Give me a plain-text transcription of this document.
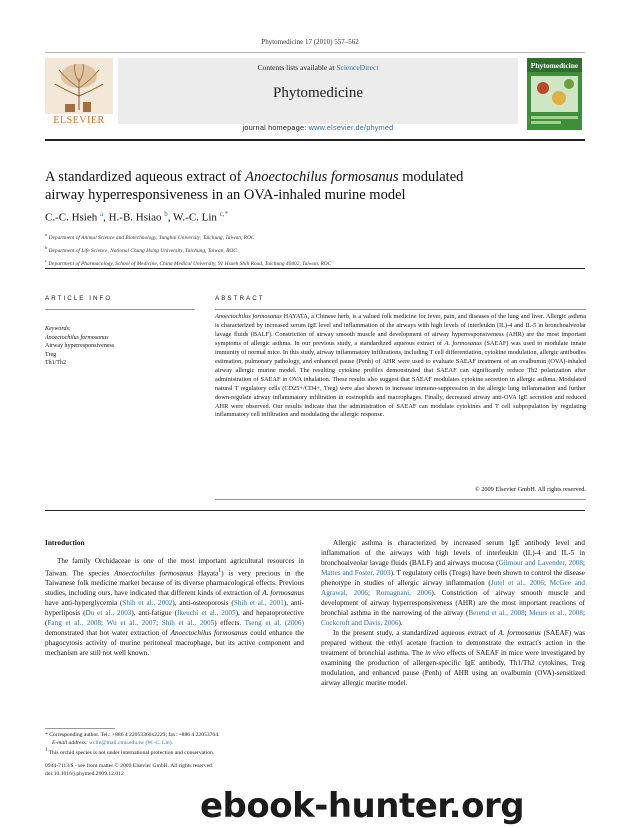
Phytomedicine 17 (2010) 557–562
ELSEVIER
Contents lists available at ScienceDirect
Phytomedicine
journal homepage: www.elsevier.de/phymed
Phytomedicine
A standardized aqueous extract of Anoectochilus formosanus modulated
airway hyperresponsiveness in an OVA-inhaled murine model
C.-C. Hsieh $^a$, H.-B. Hsiao $^b$, W.-C. Lin $^{c,*}$
$^a$ Department of Animal Science and Biotechnology, Tunghai University, Taichung, Taiwan, ROC
$^b$ Department of Life Science, National Chung Hsing University, Taichung, Taiwan, ROC
$^c$ Department of Pharmacology, School of Medicine, China Medical University, 91 Hsueh Shih Road, Taichung 40402, Taiwan, ROC
ARTICLE INFO	ABSTRACT
Keywords:
Anoectochilus formosanus
Airway hyperresponsiveness
Treg
Th1/Th2
Anoectochilus formosanus HAYATA, a Chinese herb, is a valued folk medicine for fever, pain, and diseases of the lung and liver. Allergic asthma is characterized by increased serum IgE level and inflammation of the airways with high levels of interleukin (IL)-4 and IL-5 in bronchoalveolar lavage fluids (BALF). Constriction of airway smooth muscle and development of airway hyperresponsiveness (AHR) are the most important symptoms of allergic asthma. In our previous study, a standardized aqueous extract of A. formosanus (SAEAF) was used to modulate innate immunity of normal mice. In this study, airway inflammatory infiltrations, including T cell differentiation, cytokine modulation, allergic antibodies estimation, pulmonary pathology, and enhanced pause (Penh) of AHR were used to evaluate SAEAF treatment of an ovalbumin (OVA)-inhaled airway allergic murine model. The resulting cytokine profiles demonstrated that SAEAF can significantly reduce Th2 polarization after administration of SAEAF in OVA inhalation. These results also suggest that SAEAF modulates cytokine secretion in allergic asthma. Modulated natural T regulatory cells (CD25+/CD4+, Treg) were also shown to increase immuno-suppression in the allergic lung inflammation and further down-regulate airway inflammatory infiltration in eosinophils and macrophages. Finally, decreased airway anti-OVA IgE secretion and reduced AHR were observed. Our results indicate that the administration of SAEAF can modulate cytokines and T cell subpopulation by regulating inflammatory cell infiltration and modulating the allergic response.
© 2009 Elsevier GmbH. All rights reserved.
Introduction

The family Orchidaceae is one of the most important agricultural resources in Taiwan. The species Anoectochilus formosanus Hayata$^1$) is very precious in the Taiwanese folk medicine market because of its diverse pharmacological effects. Previous studies, including ours, have indicated that different kinds of extraction of A. formosanus have anti-hyperglycemia (Shih et al., 2002), anti-osteoporosis (Shih et al., 2001), anti-hyperliposis (Du et al., 2003), anti-fatigue (Ikeuchi et al., 2005), and hepatoprotective (Fang et al., 2008; Wu et al., 2007; Shih et al., 2005) effects. Tseng et al. (2006) demonstrated that hot water extraction of Anoectochilus formosanus could enhance the phagocytosis activity of murine peritoneal macrophage, but its active component and mechanism are still not well known.

Allergic asthma is characterized by increased serum IgE antibody level and inflammation of the airways with high levels of interleukin (IL)-4 and IL-5 in bronchoalveolar lavage fluids (BALF) and airways mucosa (Gilmour and Lavender, 2008; Mattes and Foster, 2003). T regulatory cells (Tregs) have been shown to control the disease phenotype in studies of allergic airway inflammation (Jutel et al., 2006; McGee and Agrawal, 2006; Romagnani, 2006). Constriction of airway smooth muscle and development of airway hyperresponsiveness (AHR) are the most important reactions of bronchial asthma in the narrowing of the airway (Berend et al., 2008; Meurs et al., 2008; Cockcroft and Davis, 2006).

In the present study, a standardized aqueous extract of A. formosanus (SAEAF) was prepared without the ethyl acetate fraction to demonstrate the extract's action in the treatment of bronchial asthma. The in vivo effects of SAEAF in mice were investigated by examining the production of allergen-specific IgE antibody, Th1/Th2 cytokines, Treg modulation, and enhanced pause (Penh) of AHR using an ovalbumin (OVA)-sensitized airway allergic murine model.

* Corresponding author. Tel.: +886 4 22053366x2229; fax: +886 4 22053764.
E-mail address: wclin@mail.cmu.edu.tw (W.-C. Lin).
$^1$ This orchid species is not under international protection and conservation.
0944-7113/$ - see front matter © 2009 Elsevier GmbH. All rights reserved.
doi:10.1016/j.phymed.2009.12.012
ebook-hunter.org
